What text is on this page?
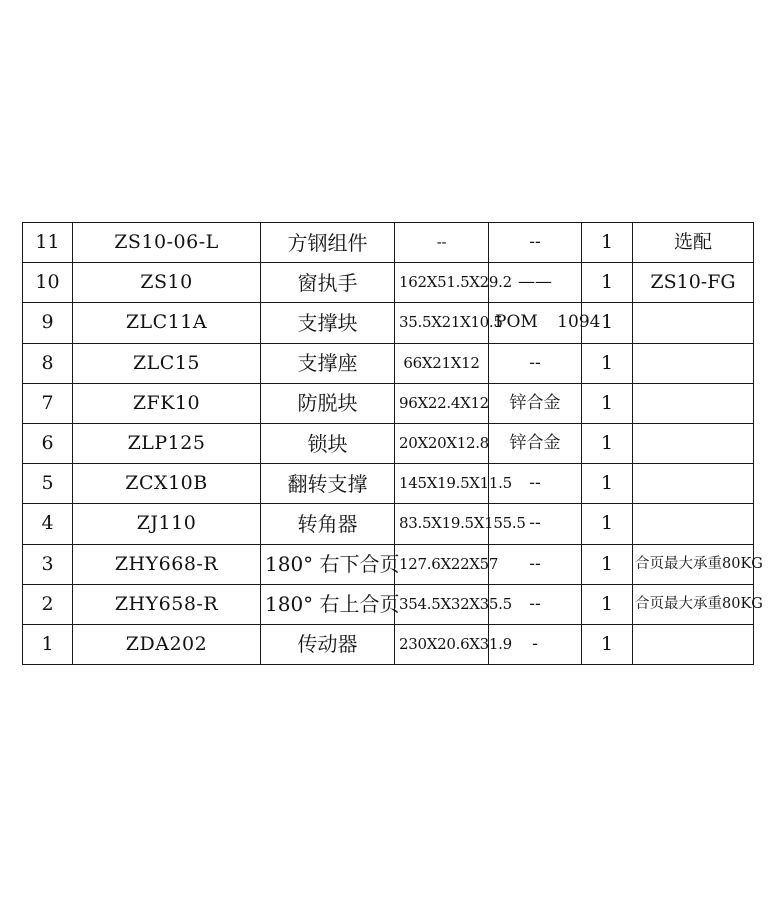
11	ZS10-06-L	方钢组件	--	--	1	选配
10	ZS10	窗执手	162X51.5X29.2	——	1	ZS10-FG
9	ZLC11A	支撑块	35.5X21X10.5	POM 1094	1	
8	ZLC15	支撑座	66X21X12	--	1	
7	ZFK10	防脱块	96X22.4X12	锌合金	1	
6	ZLP125	锁块	20X20X12.8	锌合金	1	
5	ZCX10B	翻转支撑	145X19.5X11.5	--	1	
4	ZJ110	转角器	83.5X19.5X155.5	--	1	
3	ZHY668-R	180° 右下合页	127.6X22X57	--	1	合页最大承重80KG
2	ZHY658-R	180° 右上合页	354.5X32X35.5	--	1	合页最大承重80KG
1	ZDA202	传动器	230X20.6X31.9	-	1	
